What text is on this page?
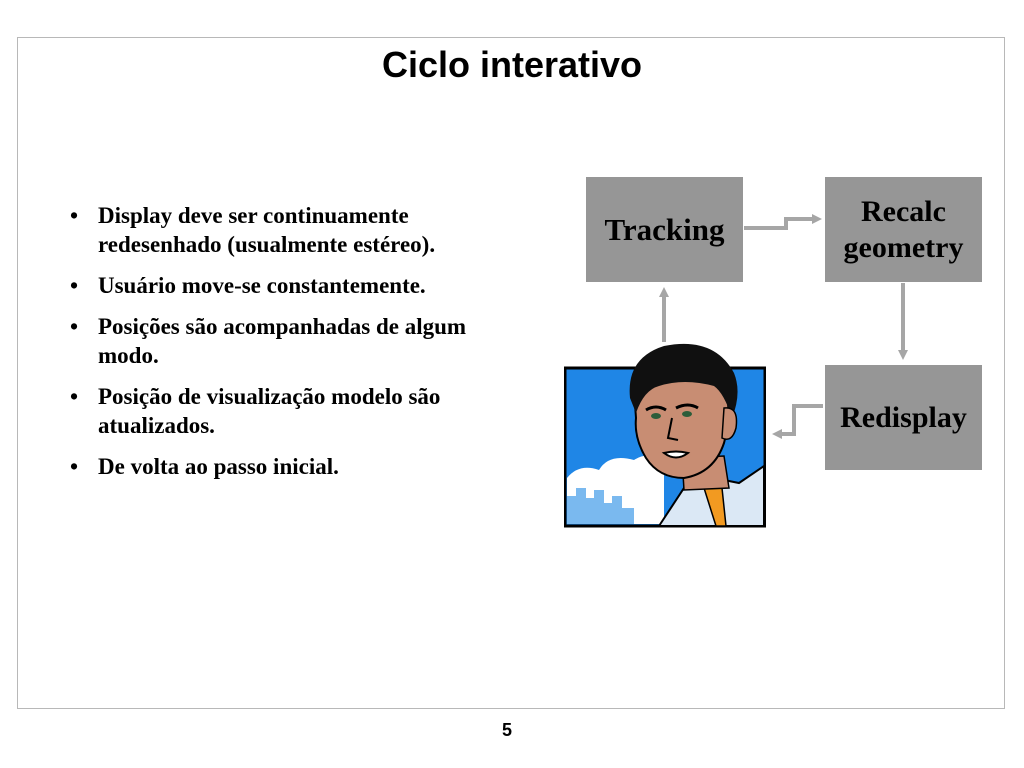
Ciclo interativo
• Display deve ser continuamente redesenhado (usualmente estéreo).
• Usuário move-se constantemente.
• Posições são acompanhadas de algum modo.
• Posição de visualização modelo são atualizados.
• De volta ao passo inicial.
Tracking
Recalc
geometry
Redisplay
5
